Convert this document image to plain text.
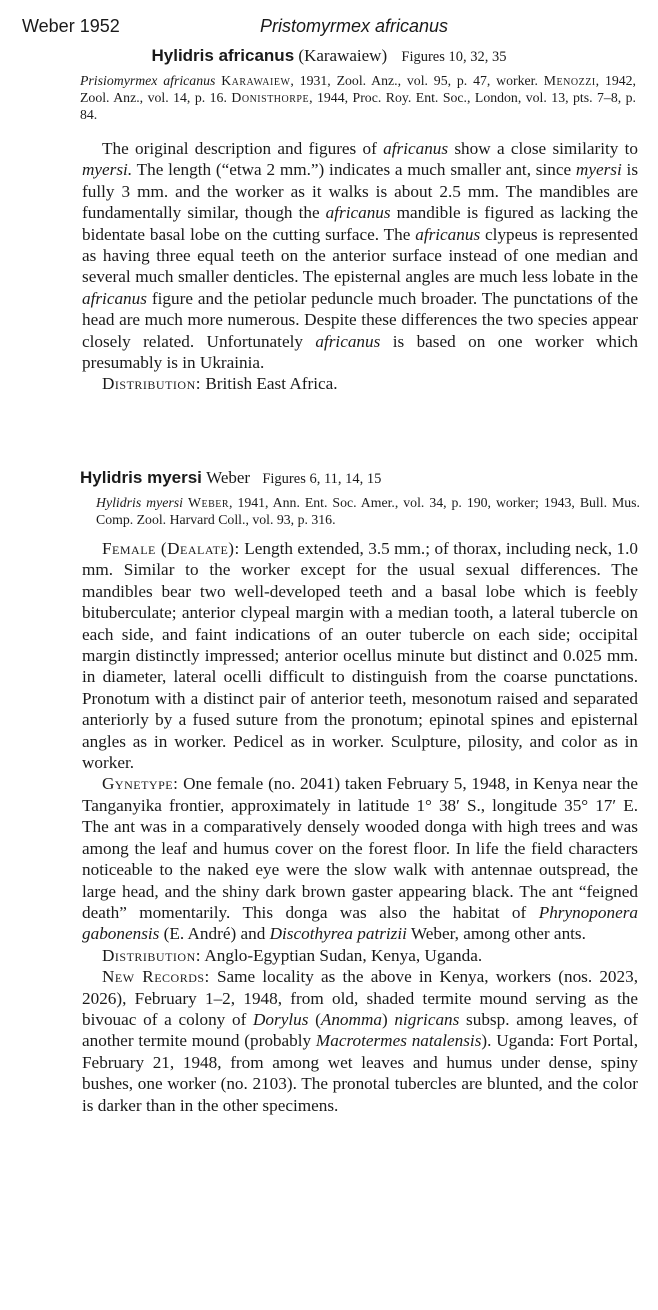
Weber 1952	Pristomyrmex africanus
Hylidris africanus (Karawaiew) Figures 10, 32, 35
Prisiomyrmex africanus Karawaiew, 1931, Zool. Anz., vol. 95, p. 47, worker. Menozzi, 1942, Zool. Anz., vol. 14, p. 16. Donisthorpe, 1944, Proc. Roy. Ent. Soc., London, vol. 13, pts. 7–8, p. 84.

The original description and figures of africanus show a close similarity to myersi. The length (“etwa 2 mm.”) indicates a much smaller ant, since myersi is fully 3 mm. and the worker as it walks is about 2.5 mm. The mandibles are fundamentally similar, though the africanus mandible is figured as lacking the bidentate basal lobe on the cutting surface. The africanus clypeus is represented as having three equal teeth on the anterior surface instead of one median and several much smaller denticles. The episternal angles are much less lobate in the africanus figure and the petiolar peduncle much broader. The punctations of the head are much more numerous. Despite these differences the two species appear closely related. Unfortunately africanus is based on one worker which presumably is in Ukrainia.

Distribution: British East Africa.

Hylidris myersi Weber Figures 6, 11, 14, 15
Hylidris myersi Weber, 1941, Ann. Ent. Soc. Amer., vol. 34, p. 190, worker; 1943, Bull. Mus. Comp. Zool. Harvard Coll., vol. 93, p. 316.

Female (Dealate): Length extended, 3.5 mm.; of thorax, including neck, 1.0 mm. Similar to the worker except for the usual sexual differences. The mandibles bear two well-developed teeth and a basal lobe which is feebly bituberculate; anterior clypeal margin with a median tooth, a lateral tubercle on each side, and faint indications of an outer tubercle on each side; occipital margin distinctly impressed; anterior ocellus minute but distinct and 0.025 mm. in diameter, lateral ocelli difficult to distinguish from the coarse punctations. Pronotum with a distinct pair of anterior teeth, mesonotum raised and separated anteriorly by a fused suture from the pronotum; epinotal spines and episternal angles as in worker. Pedicel as in worker. Sculpture, pilosity, and color as in worker.

Gynetype: One female (no. 2041) taken February 5, 1948, in Kenya near the Tanganyika frontier, approximately in latitude 1° 38′ S., longitude 35° 17′ E. The ant was in a comparatively densely wooded donga with high trees and was among the leaf and humus cover on the forest floor. In life the field characters noticeable to the naked eye were the slow walk with antennae outspread, the large head, and the shiny dark brown gaster appearing black. The ant “feigned death” momentarily. This donga was also the habitat of Phrynoponera gabonensis (E. André) and Discothyrea patrizii Weber, among other ants.

Distribution: Anglo-Egyptian Sudan, Kenya, Uganda.

New Records: Same locality as the above in Kenya, workers (nos. 2023, 2026), February 1–2, 1948, from old, shaded termite mound serving as the bivouac of a colony of Dorylus (Anomma) nigricans subsp. among leaves, of another termite mound (probably Macrotermes natalensis). Uganda: Fort Portal, February 21, 1948, from among wet leaves and humus under dense, spiny bushes, one worker (no. 2103). The pronotal tubercles are blunted, and the color is darker than in the other specimens.
